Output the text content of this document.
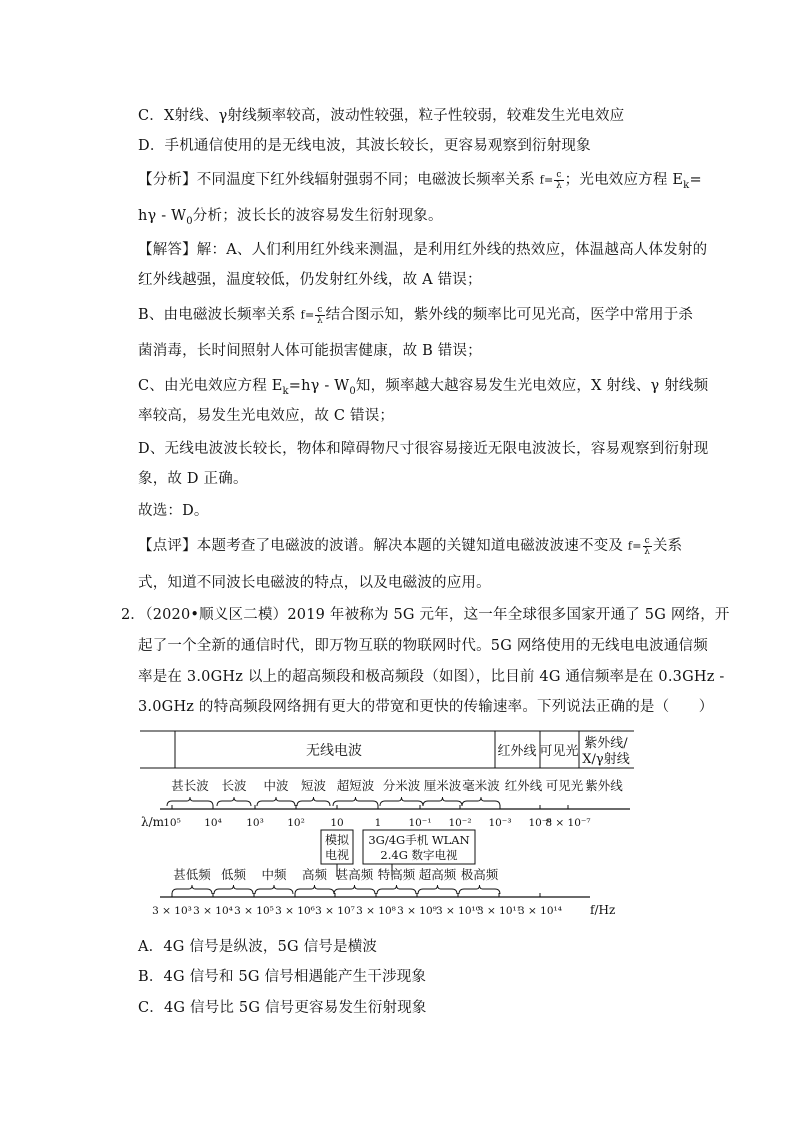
C．X射线、γ射线频率较高，波动性较强，粒子性较弱，较难发生光电效应
D．手机通信使用的是无线电波，其波长较长，更容易观察到衍射现象
【分析】不同温度下红外线辐射强弱不同；电磁波长频率关系 $f= \frac{c}{\lambda}$ ；光电效应方程 $E_k=$
hγ - $W_0$分析；波长长的波容易发生衍射现象。
【解答】解：A、人们利用红外线来测温，是利用红外线的热效应，体温越高人体发射的
红外线越强，温度较低，仍发射红外线，故 A 错误；
B、由电磁波长频率关系 $f= \frac{c}{\lambda}$ 结合图示知，紫外线的频率比可见光高，医学中常用于杀
菌消毒，长时间照射人体可能损害健康，故 B 错误；
C、由光电效应方程 $E_k=h\gamma - W_0$知，频率越大越容易发生光电效应，X 射线、γ 射线频
率较高，易发生光电效应，故 C 错误；
D、无线电波波长较长，物体和障碍物尺寸很容易接近无限电波波长，容易观察到衍射现
象，故 D 正确。
故选：D。
【点评】本题考查了电磁波的波谱。解决本题的关键知道电磁波波速不变及 $f= \frac{c}{\lambda}$ 关系
式，知道不同波长电磁波的特点，以及电磁波的应用。
2．
（2020•顺义区二模）2019 年被称为 5G 元年，这一年全球很多国家开通了 5G 网络，开
起了一个全新的通信时代，即万物互联的物联网时代。5G 网络使用的无线电电波通信频
率是在 3.0GHz 以上的超高频段和极高频段（如图），比目前 4G 通信频率是在 0.3GHz -
3.0GHz 的特高频段网络拥有更大的带宽和更快的传输速率。下列说法正确的是（　　）
无线电波	红外线 可见光
紫外线/
X/γ射线
甚长波 长波 中波 短波 超短波 分米波 厘米波 毫米波 红外线 可见光 紫外线
λ/m 10⁵ 10⁴ 10³ 10² 10	1	10⁻¹ 10⁻² 10⁻³ 10⁻⁶
8 × 10⁻⁷
模拟
电视
3G/4G手机 WLAN
2.4G 数字电视
甚低频 低频 中频 高频 甚高频 特高频 超高频 极高频
f/Hz
3 × 10³ 3 × 10⁴ 3 × 10⁵ 3 × 10⁶ 3 × 10⁷ 3 × 10⁸ 3 × 10⁹ 3 × 10¹⁰
3 × 10¹¹
3 × 10¹⁴
A．4G 信号是纵波，5G 信号是横波
B．4G 信号和 5G 信号相遇能产生干涉现象
C．4G 信号比 5G 信号更容易发生衍射现象
